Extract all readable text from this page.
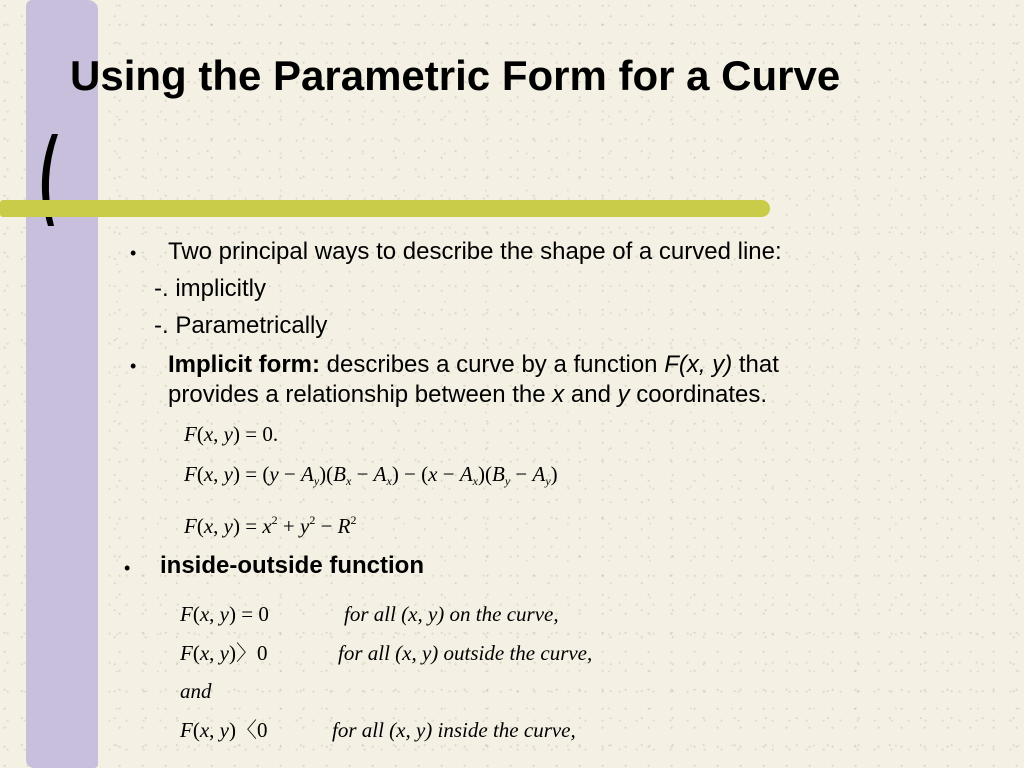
Using the Parametric Form for a Curve
• Two principal ways to describe the shape of a curved line:
-. implicitly
-. Parametrically
• Implicit form: describes a curve by a function F(x, y) that
provides a relationship between the x and y coordinates.
F(x, y) = 0.
F(x, $y) = (y - A_y)(B_x - A_x) - (x - A_x)(B_y - A_y)$
F(x, $y) = x^2 + y^2 - R^2$
• inside-outside function
F(x, y) = 0	for all (x, y) on the curve,
F(x, y)〉0	for all (x, y) outside the curve,
and
F(x, y)〈0	for all (x, y) inside the curve,
